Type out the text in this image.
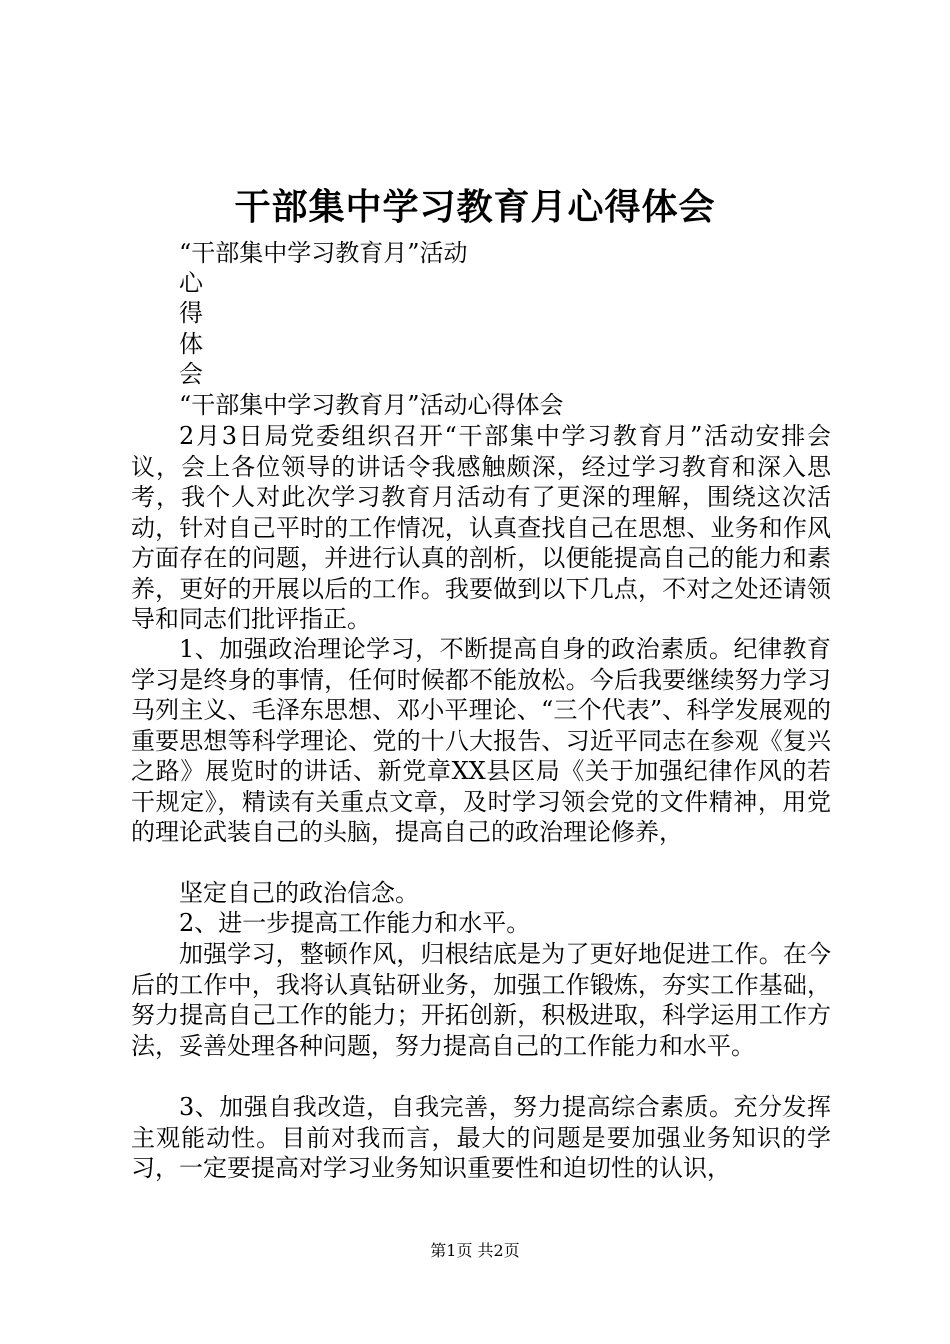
干部集中学习教育月心得体会
“干部集中学习教育月”活动
心
得
体
会
“干部集中学习教育月”活动心得体会
2月3日局党委组织召开“干部集中学习教育月”活动安排会议，会上各位领导的讲话令我感触颇深，经过学习教育和深入思考，我个人对此次学习教育月活动有了更深的理解，围绕这次活动，针对自己平时的工作情况，认真查找自己在思想、业务和作风方面存在的问题，并进行认真的剖析，以便能提高自己的能力和素养，更好的开展以后的工作。我要做到以下几点，不对之处还请领导和同志们批评指正。
1、加强政治理论学习，不断提高自身的政治素质。纪律教育学习是终身的事情，任何时候都不能放松。今后我要继续努力学习马列主义、毛泽东思想、邓小平理论、“三个代表”、科学发展观的重要思想等科学理论、党的十八大报告、习近平同志在参观《复兴之路》展览时的讲话、新党章XX县区局《关于加强纪律作风的若干规定》，精读有关重点文章，及时学习领会党的文件精神，用党的理论武装自己的头脑，提高自己的政治理论修养，
坚定自己的政治信念。
2、进一步提高工作能力和水平。
加强学习，整顿作风，归根结底是为了更好地促进工作。在今后的工作中，我将认真钻研业务，加强工作锻炼，夯实工作基础，努力提高自己工作的能力；开拓创新，积极进取，科学运用工作方法，妥善处理各种问题，努力提高自己的工作能力和水平。
3、加强自我改造，自我完善，努力提高综合素质。充分发挥主观能动性。目前对我而言，最大的问题是要加强业务知识的学习，一定要提高对学习业务知识重要性和迫切性的认识，
第1页 共2页
